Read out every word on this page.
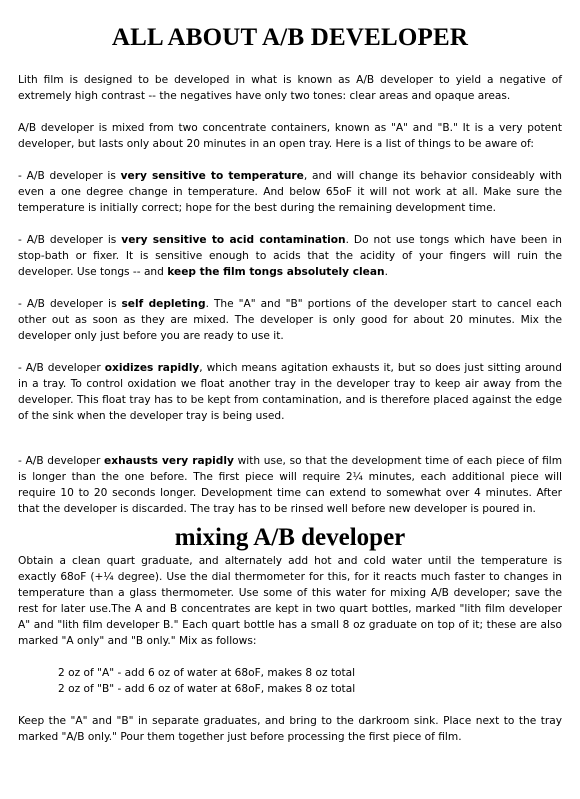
ALL ABOUT A/B DEVELOPER

Lith film is designed to be developed in what is known as A/B developer to yield a negative of extremely high contrast -- the negatives have only two tones: clear areas and opaque areas.

A/B developer is mixed from two concentrate containers, known as "A" and "B." It is a very potent developer, but lasts only about 20 minutes in an open tray. Here is a list of things to be aware of:

- A/B developer is very sensitive to temperature, and will change its behavior consideably with even a one degree change in temperature. And below 65oF it will not work at all. Make sure the temperature is initially correct; hope for the best during the remaining development time.

- A/B developer is very sensitive to acid contamination. Do not use tongs which have been in stop-bath or fixer. It is sensitive enough to acids that the acidity of your fingers will ruin the developer. Use tongs -- and keep the film tongs absolutely clean.

- A/B developer is self depleting. The "A" and "B" portions of the developer start to cancel each other out as soon as they are mixed. The developer is only good for about 20 minutes. Mix the developer only just before you are ready to use it.

- A/B developer oxidizes rapidly, which means agitation exhausts it, but so does just sitting around in a tray. To control oxidation we float another tray in the developer tray to keep air away from the developer. This float tray has to be kept from contamination, and is therefore placed against the edge of the sink when the developer tray is being used.

- A/B developer exhausts very rapidly with use, so that the development time of each piece of film is longer than the one before. The first piece will require 2¼ minutes, each additional piece will require 10 to 20 seconds longer. Development time can extend to somewhat over 4 minutes. After that the developer is discarded. The tray has to be rinsed well before new developer is poured in.

mixing A/B developer

Obtain a clean quart graduate, and alternately add hot and cold water until the temperature is exactly 68oF (+¼ degree). Use the dial thermometer for this, for it reacts much faster to changes in temperature than a glass thermometer. Use some of this water for mixing A/B developer; save the rest for later use.The A and B concentrates are kept in two quart bottles, marked "lith film developer A" and "lith film developer B." Each quart bottle has a small 8 oz graduate on top of it; these are also marked "A only" and "B only." Mix as follows:

2 oz of "A" - add 6 oz of water at 68oF, makes 8 oz total

2 oz of "B" - add 6 oz of water at 68oF, makes 8 oz total

Keep the "A" and "B" in separate graduates, and bring to the darkroom sink. Place next to the tray marked "A/B only." Pour them together just before processing the first piece of film.
